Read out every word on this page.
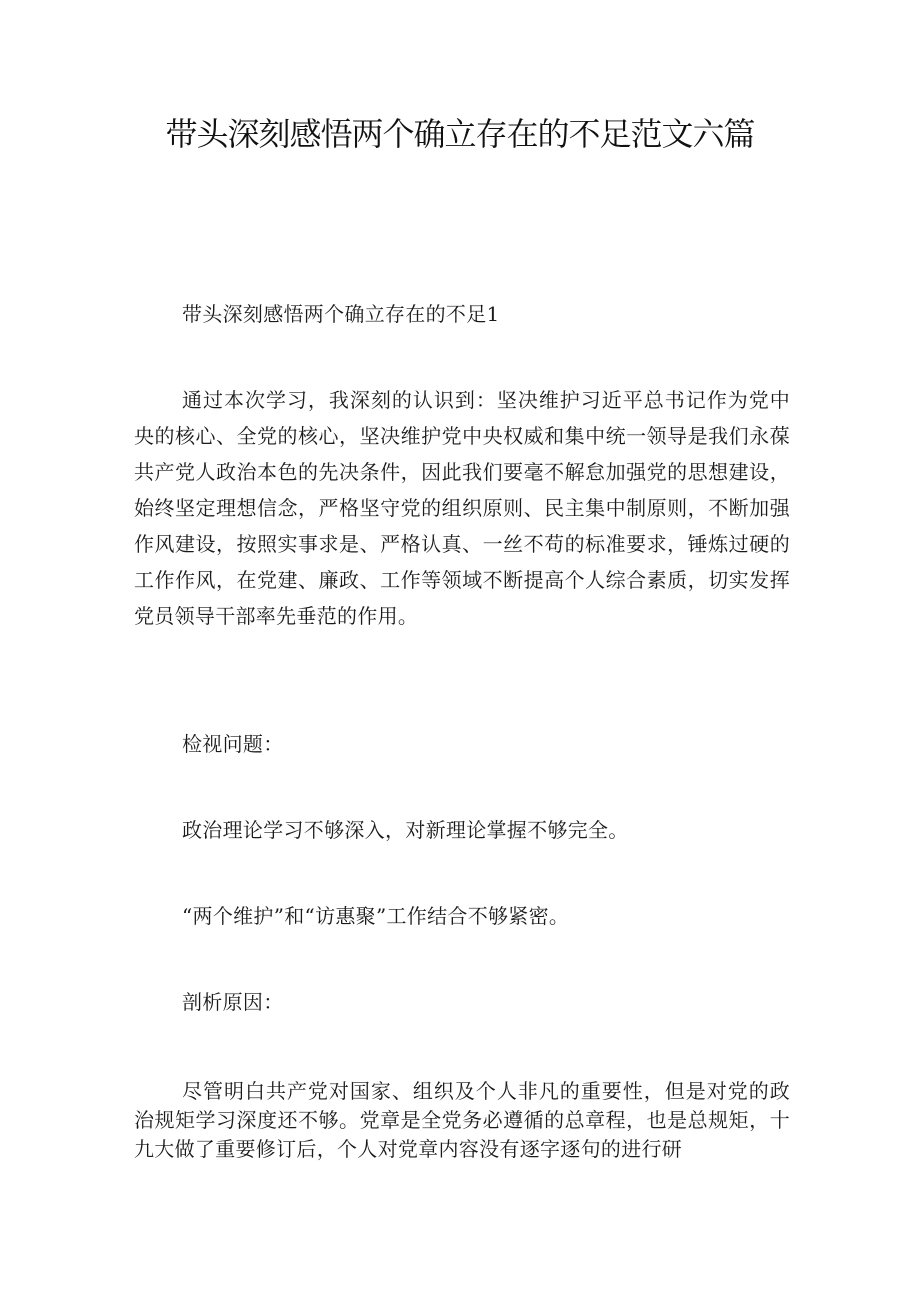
带头深刻感悟两个确立存在的不足范文六篇

带头深刻感悟两个确立存在的不足1

通过本次学习，我深刻的认识到：坚决维护习近平总书记作为党中央的核心、全党的核心，坚决维护党中央权威和集中统一领导是我们永葆共产党人政治本色的先决条件，因此我们要毫不解怠加强党的思想建设，始终坚定理想信念，严格坚守党的组织原则、民主集中制原则，不断加强作风建设，按照实事求是、严格认真、一丝不苟的标准要求，锤炼过硬的工作作风，在党建、廉政、工作等领域不断提高个人综合素质，切实发挥党员领导干部率先垂范的作用。

检视问题：

政治理论学习不够深入，对新理论掌握不够完全。

“两个维护”和“访惠聚”工作结合不够紧密。

剖析原因：

尽管明白共产党对国家、组织及个人非凡的重要性，但是对党的政治规矩学习深度还不够。党章是全党务必遵循的总章程，也是总规矩，十九大做了重要修订后，个人对党章内容没有逐字逐句的进行研
